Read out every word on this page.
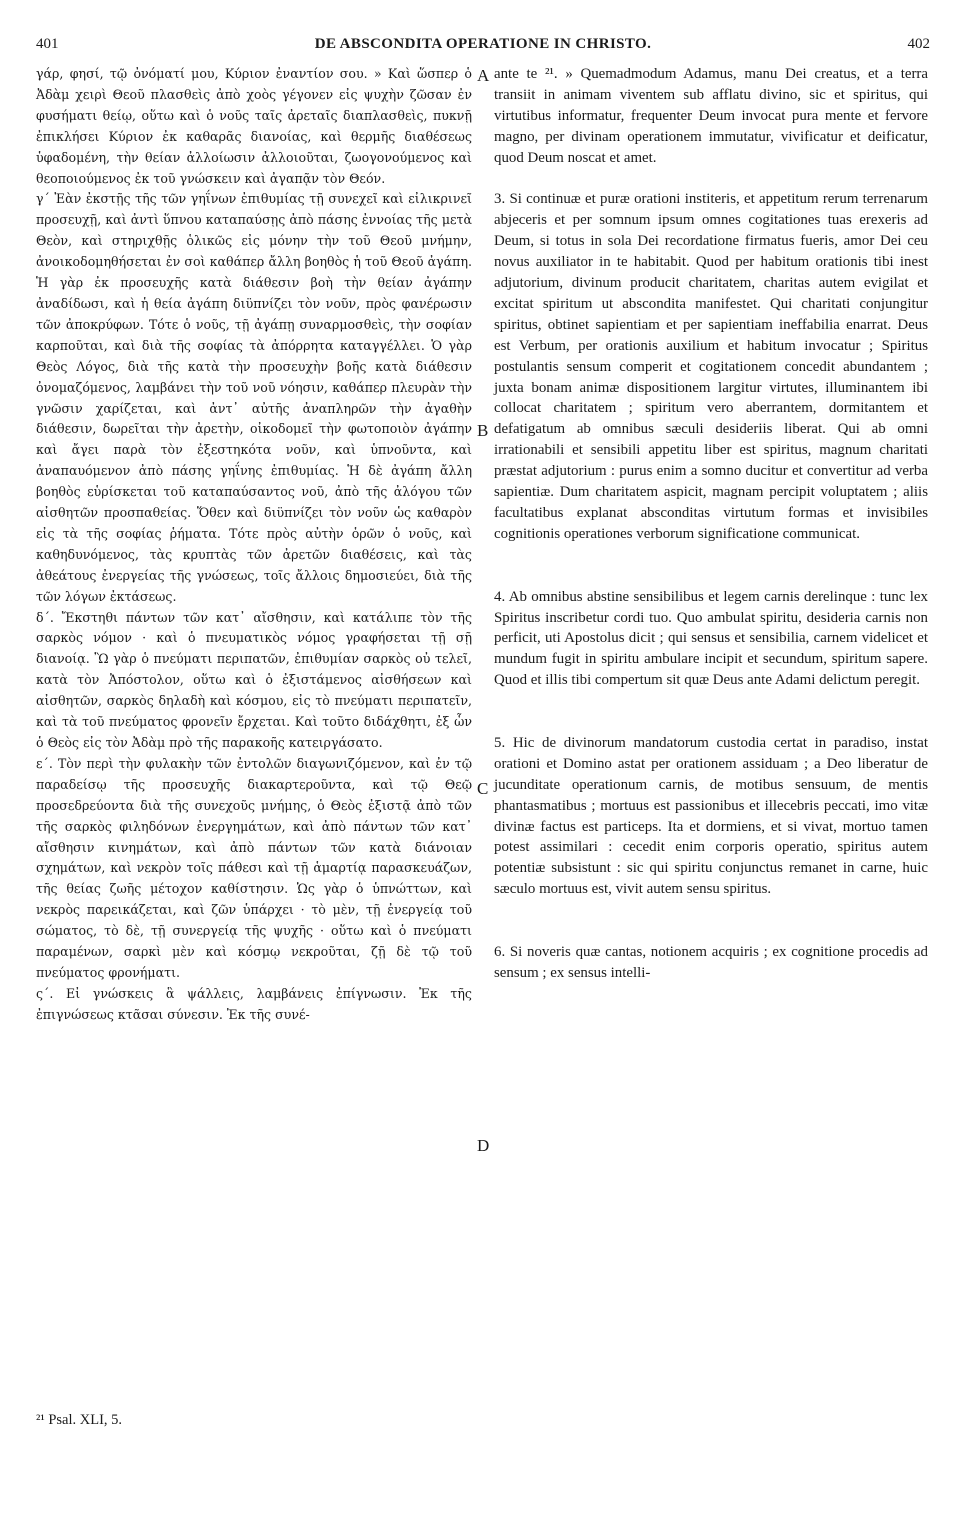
401	DE ABSCONDITA OPERATIONE IN CHRISTO.	402

γάρ, φησί, τῷ ὀνόματί μου, Κύριον ἐναντίον σου. » Καὶ ὥσπερ ὁ Ἀδὰμ χειρὶ Θεοῦ πλασθεὶς ἀπὸ χοὸς γέγονεν εἰς ψυχὴν ζῶσαν ἐν φυσήματι θείῳ, οὕτω καὶ ὁ νοῦς ταῖς ἀρεταῖς διαπλασθεὶς, πυκνῇ ἐπικλήσει Κύριον ἐκ καθαρᾶς διανοίας, καὶ θερμῆς διαθέσεως ὑφαδομένη, τὴν θείαν ἀλλοίωσιν ἀλλοιοῦται, ζωογονούμενος καὶ θεοποιούμενος ἐκ τοῦ γνώσκειν καὶ ἀγαπᾷν τὸν Θεόν.

γ΄ Ἐὰν ἐκστῇς τῆς τῶν γηΐνων ἐπιθυμίας τῇ συνεχεῖ καὶ εἰλικρινεῖ προσευχῇ, καὶ ἀντὶ ὕπνου καταπαύσῃς ἀπὸ πάσης ἐννοίας τῆς μετὰ Θεὸν, καὶ στηριχθῇς ὁλικῶς εἰς μόνην τὴν τοῦ Θεοῦ μνήμην, ἀνοικοδομηθήσεται ἐν σοὶ καθάπερ ἄλλη βοηθὸς ἡ τοῦ Θεοῦ ἀγάπη. Ἡ γὰρ ἐκ προσευχῆς κατὰ διάθεσιν βοὴ τὴν θείαν ἀγάπην ἀναδίδωσι, καὶ ἡ θεία ἀγάπη διϋπνίζει τὸν νοῦν, πρὸς φανέρωσιν τῶν ἀποκρύφων. Τότε ὁ νοῦς, τῇ ἀγάπῃ συναρμοσθεὶς, τὴν σοφίαν καρποῦται, καὶ διὰ τῆς σοφίας τὰ ἀπόρρητα καταγγέλλει. Ὁ γὰρ Θεὸς Λόγος, διὰ τῆς κατὰ τὴν προσευχὴν βοῆς κατὰ διάθεσιν ὀνομαζόμενος, λαμβάνει τὴν τοῦ νοῦ νόησιν, καθάπερ πλευρὰν τὴν γνῶσιν χαρίζεται, καὶ ἀντ᾽ αὐτῆς ἀναπληρῶν τὴν ἀγαθὴν διάθεσιν, δωρεῖται τὴν ἀρετὴν, οἰκοδομεῖ τὴν φωτοποιὸν ἀγάπην καὶ ἄγει παρὰ τὸν ἐξεστηκότα νοῦν, καὶ ὑπνοῦντα, καὶ ἀναπαυόμενον ἀπὸ πάσης γηΐνης ἐπιθυμίας. Ἡ δὲ ἀγάπη ἄλλη βοηθὸς εὑρίσκεται τοῦ καταπαύσαντος νοῦ, ἀπὸ τῆς ἀλόγου τῶν αἰσθητῶν προσπαθείας. Ὅθεν καὶ διϋπνίζει τὸν νοῦν ὡς καθαρὸν εἰς τὰ τῆς σοφίας ῥήματα. Τότε πρὸς αὐτὴν ὁρῶν ὁ νοῦς, καὶ καθηδυνόμενος, τὰς κρυπτὰς τῶν ἀρετῶν διαθέσεις, καὶ τὰς ἀθεάτους ἐνεργείας τῆς γνώσεως, τοῖς ἄλλοις δημοσιεύει, διὰ τῆς τῶν λόγων ἐκτάσεως.

δ΄. Ἔκστηθι πάντων τῶν κατ᾽ αἴσθησιν, καὶ κατάλιπε τὸν τῆς σαρκὸς νόμον · καὶ ὁ πνευματικὸς νόμος γραφήσεται τῇ σῇ διανοίᾳ. Ὢ γὰρ ὁ πνεύματι περιπατῶν, ἐπιθυμίαν σαρκὸς οὐ τελεῖ, κατὰ τὸν Ἀπόστολον, οὕτω καὶ ὁ ἐξιστάμενος αἰσθήσεων καὶ αἰσθητῶν, σαρκὸς δηλαδὴ καὶ κόσμου, εἰς τὸ πνεύματι περιπατεῖν, καὶ τὰ τοῦ πνεύματος φρονεῖν ἔρχεται. Καὶ τοῦτο διδάχθητι, ἐξ ὧν ὁ Θεὸς εἰς τὸν Ἀδὰμ πρὸ τῆς παρακοῆς κατειργάσατο.

ε΄. Τὸν περὶ τὴν φυλακὴν τῶν ἐντολῶν διαγωνιζόμενον, καὶ ἐν τῷ παραδείσῳ τῆς προσευχῆς διακαρτεροῦντα, καὶ τῷ Θεῷ προσεδρεύοντα διὰ τῆς συνεχοῦς μνήμης, ὁ Θεὸς ἐξιστᾷ ἀπὸ τῶν τῆς σαρκὸς φιληδόνων ἐνεργημάτων, καὶ ἀπὸ πάντων τῶν κατ᾽ αἴσθησιν κινημάτων, καὶ ἀπὸ πάντων τῶν κατὰ διάνοιαν σχημάτων, καὶ νεκρὸν τοῖς πάθεσι καὶ τῇ ἁμαρτίᾳ παρασκευάζων, τῆς θείας ζωῆς μέτοχον καθίστησιν. Ὡς γὰρ ὁ ὑπνώττων, καὶ νεκρὸς παρεικάζεται, καὶ ζῶν ὑπάρχει · τὸ μὲν, τῇ ἐνεργείᾳ τοῦ σώματος, τὸ δὲ, τῇ συνεργείᾳ τῆς ψυχῆς · οὕτω καὶ ὁ πνεύματι παραμένων, σαρκὶ μὲν καὶ κόσμῳ νεκροῦται, ζῇ δὲ τῷ τοῦ πνεύματος φρονήματι.

ς΄. Εἰ γνώσκεις ἃ ψάλλεις, λαμβάνεις ἐπίγνωσιν. Ἐκ τῆς ἐπιγνώσεως κτᾶσαι σύνεσιν. Ἐκ τῆς συνέ-

A
B
C
D

ante te ²¹. » Quemadmodum Adamus, manu Dei creatus, et a terra transiit in animam viventem sub afflatu divino, sic et spiritus, qui virtutibus informatur, frequenter Deum invocat pura mente et fervore magno, per divinam operationem immutatur, vivificatur et deificatur, quod Deum noscat et amet.

3. Si continuæ et puræ orationi institeris, et appetitum rerum terrenarum abjeceris et per somnum ipsum omnes cogitationes tuas erexeris ad Deum, si totus in sola Dei recordatione firmatus fueris, amor Dei ceu novus auxiliator in te habitabit. Quod per habitum orationis tibi inest adjutorium, divinum producit charitatem, charitas autem evigilat et excitat spiritum ut abscondita manifestet. Qui charitati conjungitur spiritus, obtinet sapientiam et per sapientiam ineffabilia enarrat. Deus est Verbum, per orationis auxilium et habitum invocatur ; Spiritus postulantis sensum comperit et cogitationem concedit abundantem ; juxta bonam animæ dispositionem largitur virtutes, illuminantem ibi collocat charitatem ; spiritum vero aberrantem, dormitantem et defatigatum ab omnibus sæculi desideriis liberat. Qui ab omni irrationabili et sensibili appetitu liber est spiritus, magnum charitati præstat adjutorium : purus enim a somno ducitur et convertitur ad verba sapientiæ. Dum charitatem aspicit, magnam percipit voluptatem ; aliis facultatibus explanat absconditas virtutum formas et invisibiles cognitionis operationes verborum significatione communicat.

4. Ab omnibus abstine sensibilibus et legem carnis derelinque : tunc lex Spiritus inscribetur cordi tuo. Quo ambulat spiritu, desideria carnis non perficit, uti Apostolus dicit ; qui sensus et sensibilia, carnem videlicet et mundum fugit in spiritu ambulare incipit et secundum, spiritum sapere. Quod et illis tibi compertum sit quæ Deus ante Adami delictum peregit.

5. Hic de divinorum mandatorum custodia certat in paradiso, instat orationi et Domino astat per orationem assiduam ; a Deo liberatur de jucunditate operationum carnis, de motibus sensuum, de mentis phantasmatibus ; mortuus est passionibus et illecebris peccati, imo vitæ divinæ factus est particeps. Ita et dormiens, et si vivat, mortuo tamen potest assimilari : cecedit enim corporis operatio, spiritus autem potentiæ subsistunt : sic qui spiritu conjunctus remanet in carne, huic sæculo mortuus est, vivit autem sensu spiritus.

6. Si noveris quæ cantas, notionem acquiris ; ex cognitione procedis ad sensum ; ex sensus intelli-

²¹ Psal. XLI, 5.
